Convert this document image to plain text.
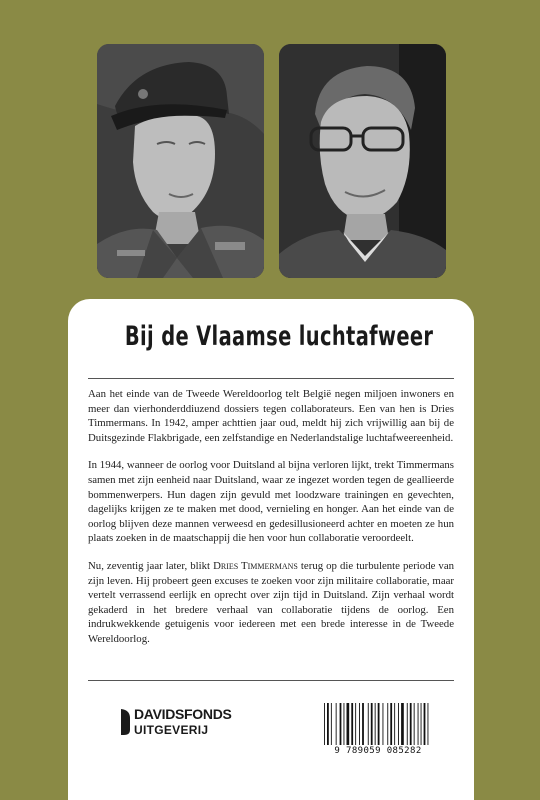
Bij de Vlaamse luchtafweer

Aan het einde van de Tweede Wereldoorlog telt België negen miljoen inwoners en meer dan vierhonderddiuzend dossiers tegen collaborateurs. Een van hen is Dries Timmermans. In 1942, amper achttien jaar oud, meldt hij zich vrijwillig aan bij de Duitsgezinde Flakbrigade, een zelfstandige en Nederlandstalige luchtafweereenheid.

In 1944, wanneer de oorlog voor Duitsland al bijna verloren lijkt, trekt Timmermans samen met zijn eenheid naar Duitsland, waar ze ingezet worden tegen de geallieerde bommenwerpers. Hun dagen zijn gevuld met loodzware trainingen en gevechten, dagelijks krijgen ze te maken met dood, vernieling en honger. Aan het einde van de oorlog blijven deze mannen verweesd en gedesillusioneerd achter en moeten ze hun plaats zoeken in de maatschappij die hen voor hun collaboratie veroordeelt.

Nu, zeventig jaar later, blikt Dries Timmermans terug op die turbulente periode van zijn leven. Hij probeert geen excuses te zoeken voor zijn militaire collaboratie, maar vertelt verrassend eerlijk en oprecht over zijn tijd in Duitsland. Zijn verhaal wordt gekaderd in het bredere verhaal van collaboratie tijdens de oorlog. Een indrukwekkende getuigenis voor iedereen met een brede interesse in de Tweede Wereldoorlog.

DAVIDSFONDS
UITGEVERIJ
9 789059 085282
